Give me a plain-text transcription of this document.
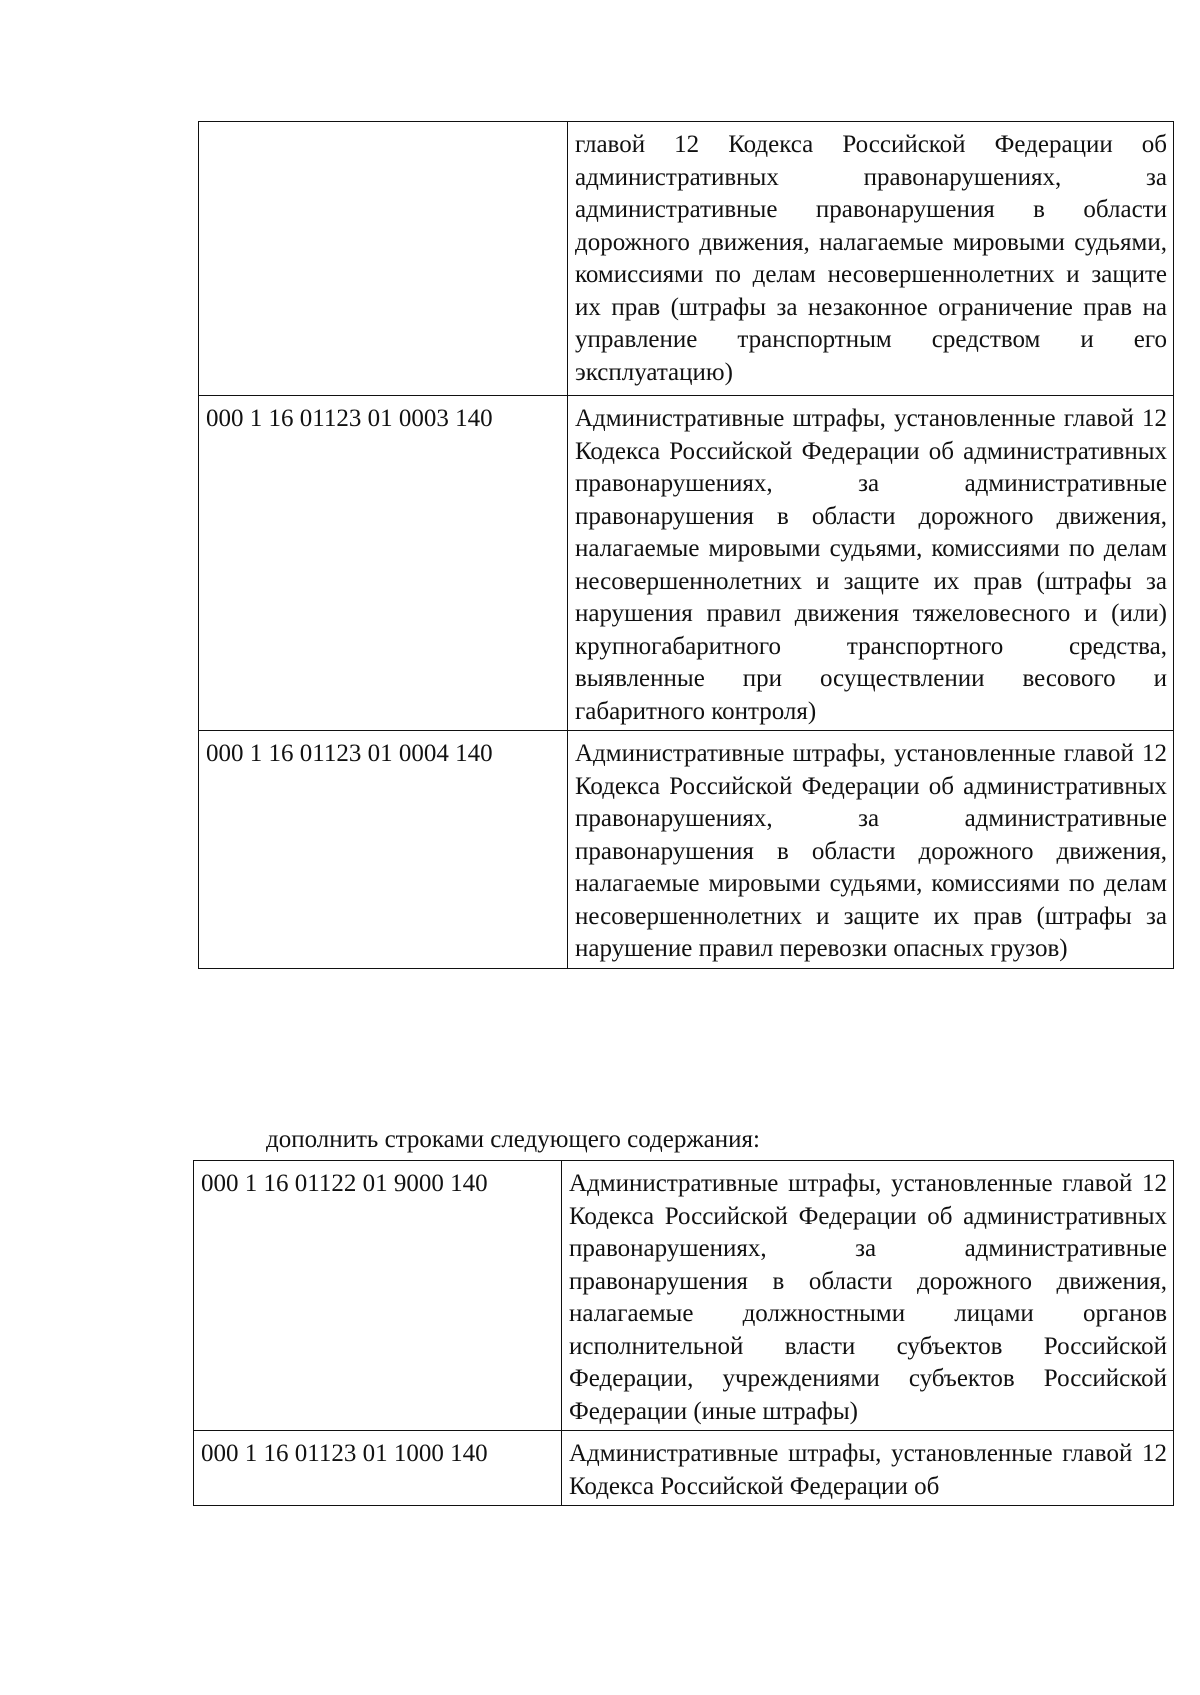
	главой 12 Кодекса Российской Федерации об административных правонарушениях, за административные правонарушения в области дорожного движения, налагаемые мировыми судьями, комиссиями по делам несовершеннолетних и защите их прав (штрафы за незаконное ограничение прав на управление транспортным средством и его эксплуатацию)
000 1 16 01123 01 0003 140	Административные штрафы, установленные главой 12 Кодекса Российской Федерации об административных правонарушениях, за административные правонарушения в области дорожного движения, налагаемые мировыми судьями, комиссиями по делам несовершеннолетних и защите их прав (штрафы за нарушения правил движения тяжеловесного и (или) крупногабаритного транспортного средства, выявленные при осуществлении весового и габаритного контроля)
000 1 16 01123 01 0004 140	Административные штрафы, установленные главой 12 Кодекса Российской Федерации об административных правонарушениях, за административные правонарушения в области дорожного движения, налагаемые мировыми судьями, комиссиями по делам несовершеннолетних и защите их прав (штрафы за нарушение правил перевозки опасных грузов)

дополнить строками следующего содержания:

000 1 16 01122 01 9000 140	Административные штрафы, установленные главой 12 Кодекса Российской Федерации об административных правонарушениях, за административные правонарушения в области дорожного движения, налагаемые должностными лицами органов исполнительной власти субъектов Российской Федерации, учреждениями субъектов Российской Федерации (иные штрафы)
000 1 16 01123 01 1000 140	Административные штрафы, установленные главой 12 Кодекса Российской Федерации об
